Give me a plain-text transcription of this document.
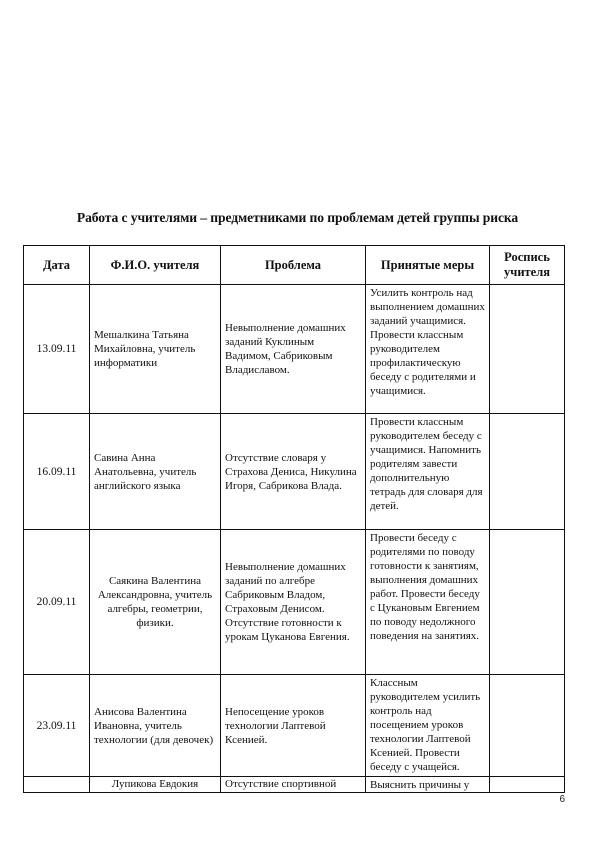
Работа с учителями – предметниками по проблемам детей группы риска
Дата	Ф.И.О. учителя	Проблема	Принятые меры	Роспись учителя
13.09.11	Мешалкина Татьяна Михайловна, учитель информатики	Невыполнение домашних заданий Куклиным Вадимом, Сабриковым Владиславом.	Усилить контроль над выполнением домашних заданий учащимися. Провести классным руководителем профилактическую беседу с родителями и учащимися.	
16.09.11	Савина Анна Анатольевна, учитель английского языка	Отсутствие словаря у Страхова Дениса, Никулина Игоря, Сабрикова Влада.	Провести классным руководителем беседу с учащимися. Напомнить родителям завести дополнительную тетрадь для словаря для детей.	
20.09.11	Саякина Валентина Александровна, учитель алгебры, геометрии, физики.	Невыполнение домашних заданий по алгебре Сабриковым Владом, Страховым Денисом. Отсутствие готовности к урокам Цуканова Евгения.	Провести беседу с родителями по поводу готовности к занятиям, выполнения домашних работ. Провести беседу с Цукановым Евгением по поводу недолжного поведения на занятиях.	
23.09.11	Анисова Валентина Ивановна, учитель технологии (для девочек)	Непосещение уроков технологии Лаптевой Ксенией.	Классным руководителем усилить контроль над посещением уроков технологии Лаптевой Ксенией. Провести беседу с учащейся.	
	Лупикова Евдокия	Отсутствие спортивной	Выяснить причины у	
6
